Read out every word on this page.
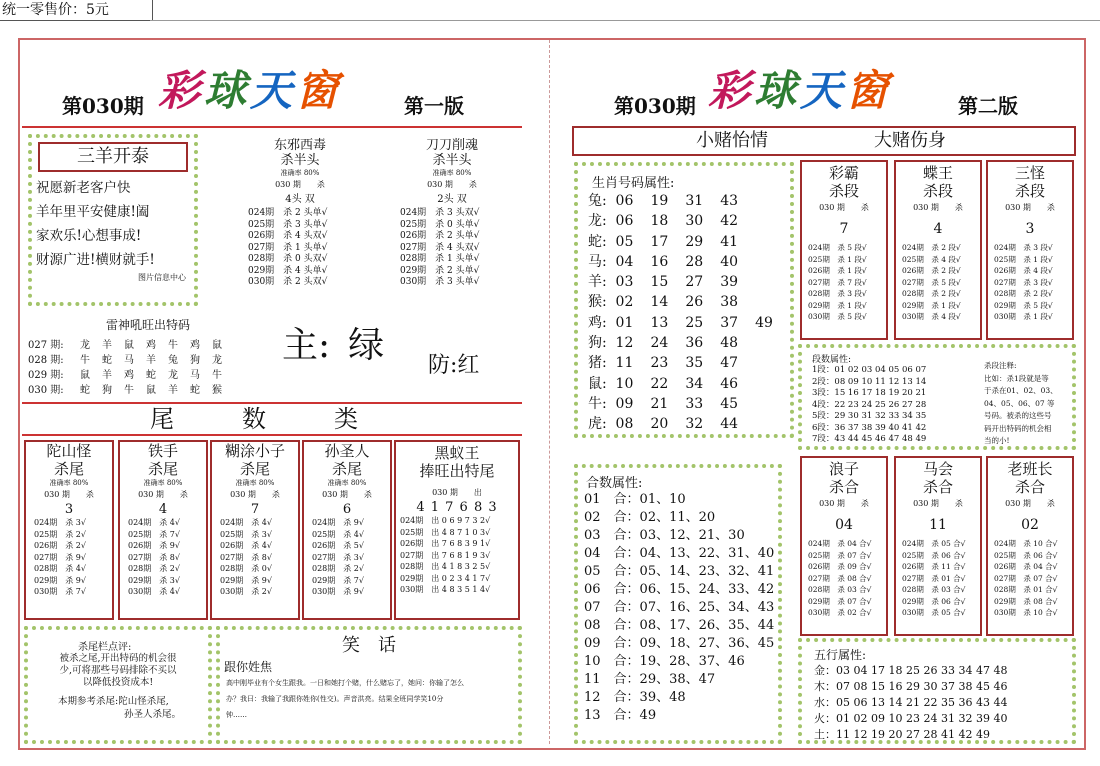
统一零售价：5元
第030期 彩球天窗	第一版
三羊开泰
祝愿新老客户快
羊年里平安健康!阖
家欢乐!心想事成!
财源广进!横财就手!
图片信息中心
东邪西毒
杀半头
准确率 80%
030 期　　杀
4头 双
024期　杀 2 头单√
025期　杀 3 头单√
026期　杀 4 头双√
027期　杀 1 头单√
028期　杀 0 头双√
029期　杀 4 头单√
030期　杀 2 头双√
刀刀削魂
杀半头
准确率 80%
030 期　　杀
2头 双
024期　杀 3 头双√
025期　杀 0 头单√
026期　杀 2 头单√
027期　杀 4 头双√
028期　杀 1 头单√
029期　杀 2 头单√
030期　杀 3 头单√
雷神吼旺出特码
027 期:	龙	羊	鼠	鸡	牛	鸡	鼠
028 期:	牛	蛇	马	羊	兔	狗	龙
029 期:	鼠	羊	鸡	蛇	龙	马	牛
030 期:	蛇	狗	牛	鼠	羊	蛇	猴
主: 绿 防:红
尾	数	类
陀山怪
杀尾
准确率 80%
030 期　　杀
3
024期　杀 3√
025期　杀 2√
026期　杀 2√
027期　杀 9√
028期　杀 4√
029期　杀 9√
030期　杀 7√
铁手
杀尾
准确率 80%
030 期　　杀
4
024期　杀 4√
025期　杀 7√
026期　杀 9√
027期　杀 8√
028期　杀 2√
029期　杀 3√
030期　杀 4√
糊涂小子
杀尾
准确率 80%
030 期　　杀
7
024期　杀 4√
025期　杀 3√
026期　杀 4√
027期　杀 8√
028期　杀 0√
029期　杀 9√
030期　杀 2√
孙圣人
杀尾
准确率 80%
030 期　　杀
6
024期　杀 9√
025期　杀 4√
026期　杀 5√
027期　杀 3√
028期　杀 2√
029期　杀 7√
030期　杀 9√
黑蚁王
捧旺出特尾
030 期　　出
4 1 7 6 8 3
024期　出 0 6 9 7 3 2√
025期　出 4 8 7 1 0 3√
026期　出 7 6 8 3 9 1√
027期　出 7 6 8 1 9 3√
028期　出 4 1 8 3 2 5√
029期　出 0 2 3 4 1 7√
030期　出 4 8 3 5 1 4√
杀尾栏点评:
被杀之尾,开出特码的机会很
少,可将那些号码排除不买以
以降低投资成本!
本期参考杀尾:陀山怪杀尾,
孙圣人杀尾。
笑　话
跟你姓焦
高中刚毕业有个女生跟我。一日和她打个赌，什么赌忘了，她问：你输了怎么
办？我曰：我输了我跟你姓你(性交)。声音洪亮。结果全班同学笑10分
钟……
第030期 彩球天窗	第二版
小赌怡情	大赌伤身
生肖号码属性:
兔: 06	19	31	43
龙: 06	18	30	42
蛇: 05	17	29	41
马: 04	16	28	40
羊: 03	15	27	39
猴: 02	14	26	38
鸡: 01	13	25	37	49
狗: 12	24	36	48
猪: 11	23	35	47
鼠: 10	22	34	46
牛: 09	21	33	45
虎: 08	20	32	44
彩霸
杀段
030 期　　杀
7
024期　杀 5 段√
025期　杀 1 段√
026期　杀 1 段√
027期　杀 7 段√
028期　杀 3 段√
029期　杀 1 段√
030期　杀 5 段√
蝶王
杀段
030 期　　杀
4
024期　杀 2 段√
025期　杀 4 段√
026期　杀 2 段√
027期　杀 5 段√
028期　杀 2 段√
029期　杀 1 段√
030期　杀 4 段√
三怪
杀段
030 期　　杀
3
024期　杀 3 段√
025期　杀 1 段√
026期　杀 4 段√
027期　杀 3 段√
028期　杀 2 段√
029期　杀 5 段√
030期　杀 1 段√
段数属性:
1段：01 02 03 04 05 06 07
2段：08 09 10 11 12 13 14
3段：15 16 17 18 19 20 21
4段：22 23 24 25 26 27 28
5段：29 30 31 32 33 34 35
6段：36 37 38 39 40 41 42
7段：43 44 45 46 47 48 49
杀段注释:
比如：杀1段就是等
于杀在01、02、03、
04、05、06、07 等
号码。被杀的这些号
码开出特码的机会相
当的小!
合数属性:
01　合：01、10
02　合：02、11、20
03　合：03、12、21、30
04　合：04、13、22、31、40
05　合：05、14、23、32、41
06　合：06、15、24、33、42
07　合：07、16、25、34、43
08　合：08、17、26、35、44
09　合：09、18、27、36、45
10　合：19、28、37、46
11　合：29、38、47
12　合：39、48
13　合：49
浪子
杀合
030 期　　杀
04
024期　杀 04 合√
025期　杀 07 合√
026期　杀 09 合√
027期　杀 08 合√
028期　杀 03 合√
029期　杀 07 合√
030期　杀 02 合√
马会
杀合
030 期　　杀
11
024期　杀 05 合√
025期　杀 06 合√
026期　杀 11 合√
027期　杀 01 合√
028期　杀 03 合√
029期　杀 06 合√
030期　杀 05 合√
老班长
杀合
030 期　　杀
02
024期　杀 10 合√
025期　杀 06 合√
026期　杀 04 合√
027期　杀 07 合√
028期　杀 01 合√
029期　杀 08 合√
030期　杀 10 合√
五行属性:
金：03 04 17 18 25 26 33 34 47 48
木：07 08 15 16 29 30 37 38 45 46
水：05 06 13 14 21 22 35 36 43 44
火：01 02 09 10 23 24 31 32 39 40
土：11 12 19 20 27 28 41 42 49
